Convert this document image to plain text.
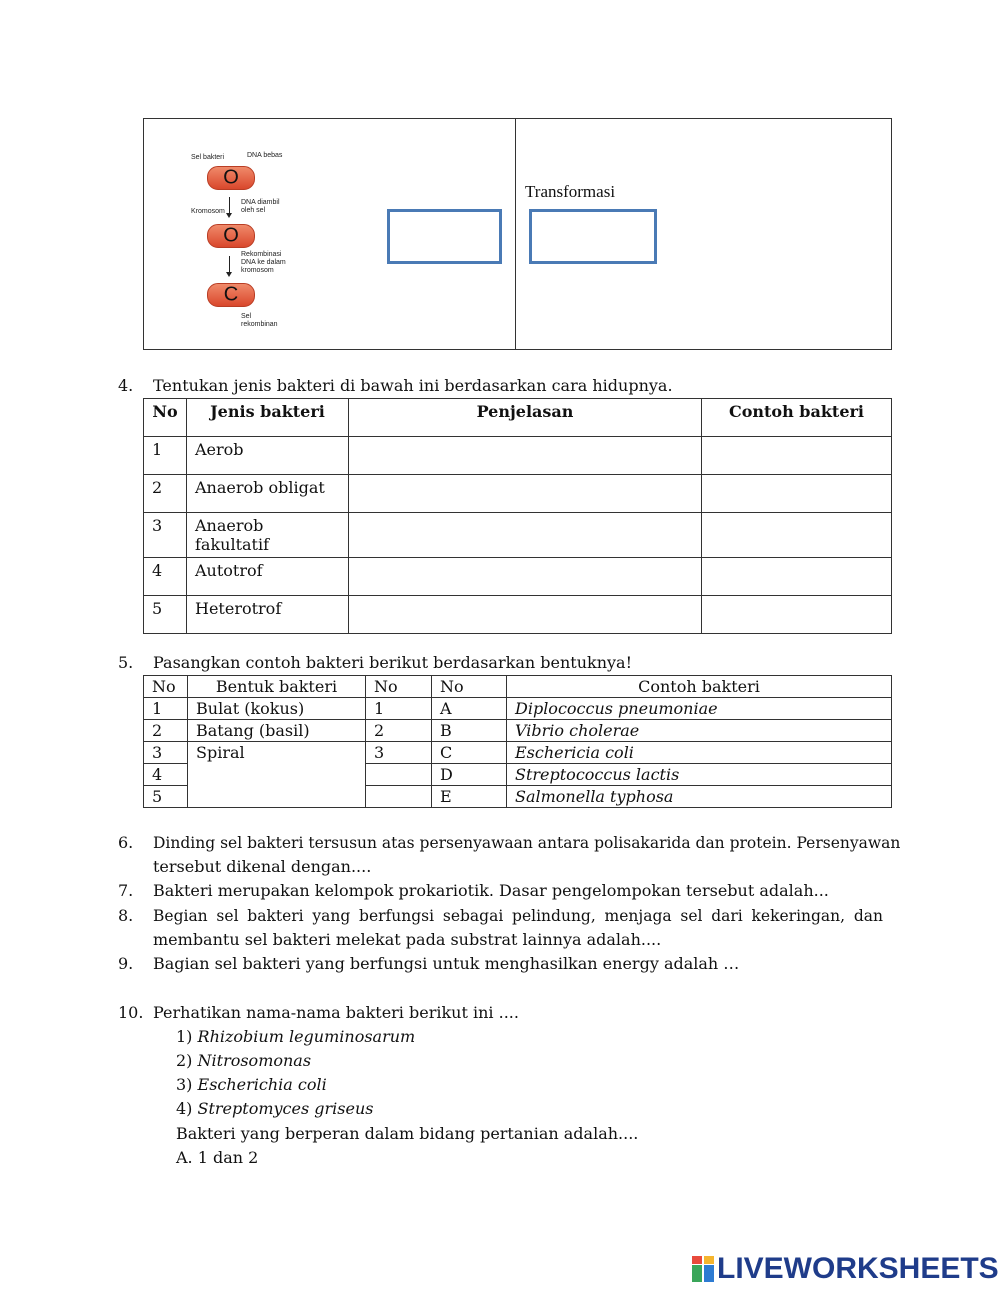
Sel bakteri	DNA bebas
O
Kromosom
DNA diambil oleh sel
O
Rekombinasi DNA ke dalam kromosom
C
Sel rekombinan
Transformasi
4. Tentukan jenis bakteri di bawah ini berdasarkan cara hidupnya.
No	Jenis bakteri	Penjelasan	Contoh bakteri
1	Aerob		
2	Anaerob obligat		
3	Anaerob fakultatif		
4	Autotrof		
5	Heterotrof		
5. Pasangkan contoh bakteri berikut berdasarkan bentuknya!
No	Bentuk bakteri	No	No	Contoh bakteri
1	Bulat (kokus)	1	A	Diplococcus pneumoniae
2	Batang (basil)	2	B	Vibrio cholerae
3	Spiral	3	C	Eschericia coli
4			D	Streptococcus lactis
5			E	Salmonella typhosa
6. Dinding sel bakteri tersusun atas persenyawaan antara polisakarida dan protein. Persenyawan
tersebut dikenal dengan....
7. Bakteri merupakan kelompok prokariotik. Dasar pengelompokan tersebut adalah...
8. Begian sel bakteri yang berfungsi sebagai pelindung, menjaga sel dari kekeringan, dan
membantu sel bakteri melekat pada substrat lainnya adalah....
9. Bagian sel bakteri yang berfungsi untuk menghasilkan energy adalah …
10. Perhatikan nama-nama bakteri berikut ini ....
1) Rhizobium leguminosarum
2) Nitrosomonas
3) Escherichia coli
4) Streptomyces griseus
Bakteri yang berperan dalam bidang pertanian adalah....
A. 1 dan 2
LIVEWORKSHEETS
